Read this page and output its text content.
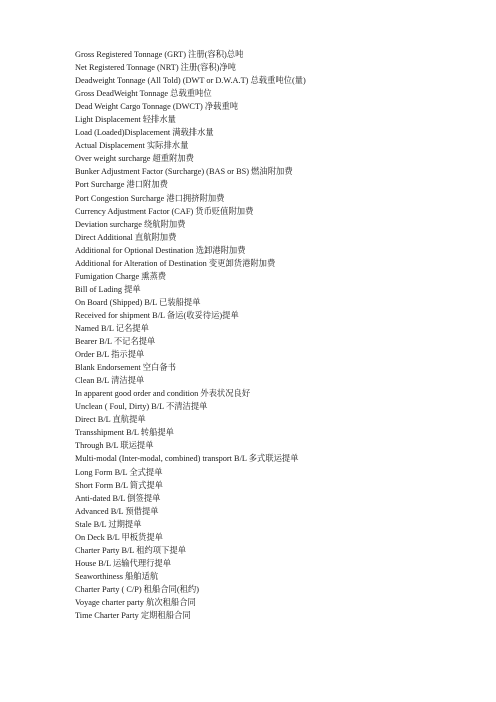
Gross Registered Tonnage (GRT) 注册(容积)总吨
Net Registered Tonnage (NRT) 注册(容积)净吨
Deadweight Tonnage (All Told) (DWT or D.W.A.T) 总载重吨位(量)
Gross DeadWeight Tonnage 总载重吨位
Dead Weight Cargo Tonnage (DWCT) 净载重吨
Light Displacement 轻排水量
Load (Loaded)Displacement 满载排水量
Actual Displacement 实际排水量
Over weight surcharge 超重附加费
Bunker Adjustment Factor (Surcharge) (BAS or BS) 燃油附加费
Port Surcharge 港口附加费
Port Congestion Surcharge 港口拥挤附加费
Currency Adjustment Factor (CAF) 货币贬值附加费
Deviation surcharge 绕航附加费
Direct Additional 直航附加费
Additional for Optional Destination 选卸港附加费
Additional for Alteration of Destination 变更卸货港附加费
Fumigation Charge 熏蒸费
Bill of Lading 提单
On Board (Shipped) B/L 已装船提单
Received for shipment B/L 备运(收妥待运)提单
Named B/L 记名提单
Bearer B/L 不记名提单
Order B/L 指示提单
Blank Endorsement 空白备书
Clean B/L 清洁提单
In apparent good order and condition 外表状况良好
Unclean ( Foul, Dirty) B/L 不清洁提单
Direct B/L 直航提单
Transshipment B/L 转船提单
Through B/L 联运提单
Multi-modal (Inter-modal, combined) transport B/L 多式联运提单
Long Form B/L 全式提单
Short Form B/L 简式提单
Anti-dated B/L 倒签提单
Advanced B/L 预借提单
Stale B/L 过期提单
On Deck B/L 甲板货提单
Charter Party B/L 租约项下提单
House B/L 运输代理行提单
Seaworthiness 船舶适航
Charter Party ( C/P) 租船合同(租约)
Voyage charter party 航次租船合同
Time Charter Party 定期租船合同
